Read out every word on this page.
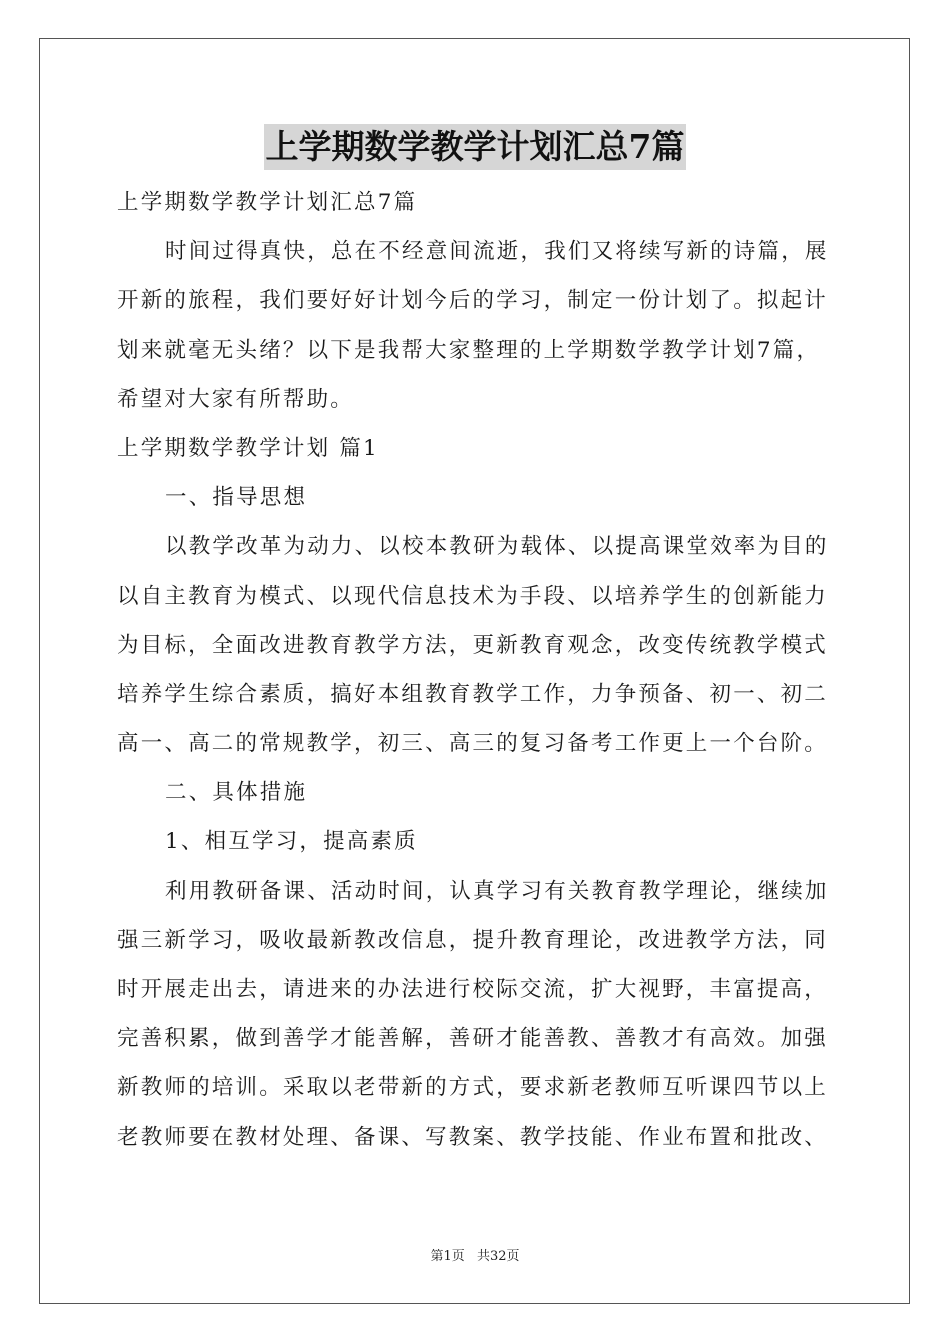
上学期数学教学计划汇总7篇
上学期数学教学计划汇总7篇
时间过得真快，总在不经意间流逝，我们又将续写新的诗篇，展
开新的旅程，我们要好好计划今后的学习，制定一份计划了。拟起计
划来就毫无头绪？以下是我帮大家整理的上学期数学教学计划7篇，
希望对大家有所帮助。
上学期数学教学计划 篇1
一、指导思想
以教学改革为动力、以校本教研为载体、以提高课堂效率为目的
以自主教育为模式、以现代信息技术为手段、以培养学生的创新能力
为目标，全面改进教育教学方法，更新教育观念，改变传统教学模式
培养学生综合素质，搞好本组教育教学工作，力争预备、初一、初二
高一、高二的常规教学，初三、高三的复习备考工作更上一个台阶。
二、具体措施
1、相互学习，提高素质
利用教研备课、活动时间，认真学习有关教育教学理论，继续加
强三新学习，吸收最新教改信息，提升教育理论，改进教学方法，同
时开展走出去，请进来的办法进行校际交流，扩大视野，丰富提高，
完善积累，做到善学才能善解，善研才能善教、善教才有高效。加强
新教师的培训。采取以老带新的方式，要求新老教师互听课四节以上
老教师要在教材处理、备课、写教案、教学技能、作业布置和批改、
第1页 共32页
